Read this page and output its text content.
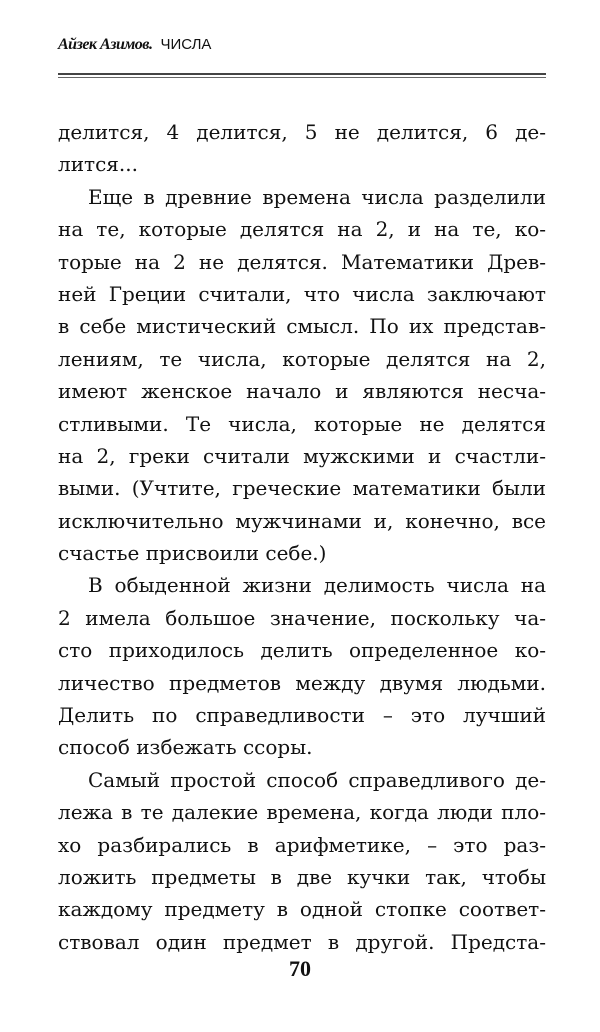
Айзек Азимов. ЧИСЛА
делится, 4 делится, 5 не делится, 6 де-
лится...
Еще в древние времена числа разделили
на те, которые делятся на 2, и на те, ко-
торые на 2 не делятся. Математики Древ-
ней Греции считали, что числа заключают
в себе мистический смысл. По их представ-
лениям, те числа, которые делятся на 2,
имеют женское начало и являются несча-
стливыми. Те числа, которые не делятся
на 2, греки считали мужскими и счастли-
выми. (Учтите, греческие математики были
исключительно мужчинами и, конечно, все
счастье присвоили себе.)
В обыденной жизни делимость числа на
2 имела большое значение, поскольку ча-
сто приходилось делить определенное ко-
личество предметов между двумя людьми.
Делить по справедливости – это лучший
способ избежать ссоры.
Самый простой способ справедливого де-
лежа в те далекие времена, когда люди пло-
хо разбирались в арифметике, – это раз-
ложить предметы в две кучки так, чтобы
каждому предмету в одной стопке соответ-
ствовал один предмет в другой. Предста-
70
